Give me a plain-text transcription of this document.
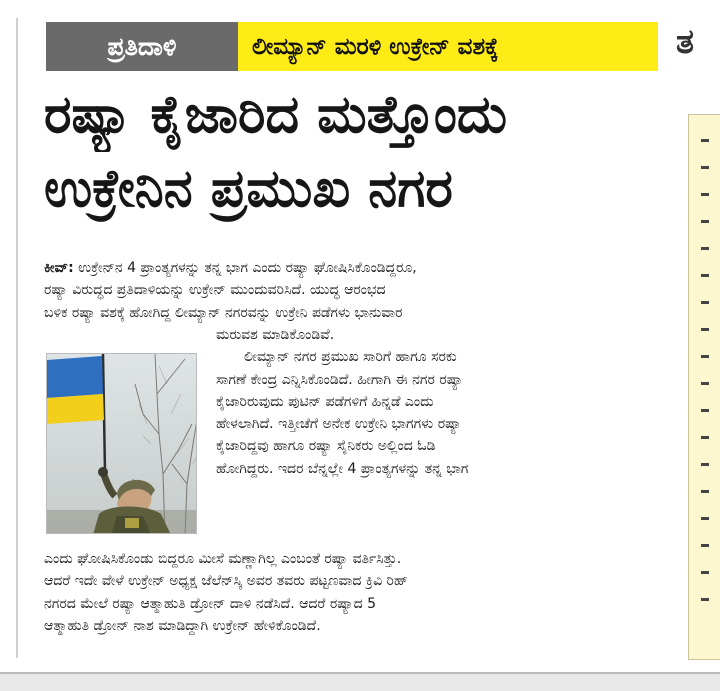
ಪ್ರತಿದಾಳಿ	ಲೀಮ್ಯಾನ್ ಮರಳಿ ಉಕ್ರೇನ್ ವಶಕ್ಕೆ
ರಷ್ಯಾ ಕೈಜಾರಿದ ಮತ್ತೊಂದು
ಉಕ್ರೇನಿನ ಪ್ರಮುಖ ನಗರ

ಕೀವ್: ಉಕ್ರೇನ್‌ನ 4 ಪ್ರಾಂತ್ಯಗಳನ್ನು ತನ್ನ ಭಾಗ ಎಂದು ರಷ್ಯಾ ಘೋಷಿಸಿಕೊಂಡಿದ್ದರೂ,

ರಷ್ಯಾ ವಿರುದ್ಧದ ಪ್ರತಿದಾಳಿಯನ್ನು ಉಕ್ರೇನ್ ಮುಂದುವರಿಸಿದೆ. ಯುದ್ಧ ಆರಂಭದ

ಬಳಿಕ ರಷ್ಯಾ ವಶಕ್ಕೆ ಹೋಗಿದ್ದ ಲೀಮ್ಯಾನ್ ನಗರವನ್ನು ಉಕ್ರೇನಿ ಪಡೆಗಳು ಭಾನುವಾರ

ಮರುವಶ ಮಾಡಿಕೊಂಡಿವೆ.

ಲೀಮ್ಯಾನ್ ನಗರ ಪ್ರಮುಖ ಸಾರಿಗೆ ಹಾಗೂ ಸರಕು

ಸಾಗಣೆ ಕೇಂದ್ರ ಎನ್ನಿಸಿಕೊಂಡಿದೆ. ಹೀಗಾಗಿ ಈ ನಗರ ರಷ್ಯಾ

ಕೈಜಾರಿರುವುದು ಪುಟಿನ್ ಪಡೆಗಳಿಗೆ ಹಿನ್ನಡೆ ಎಂದು

ಹೇಳಲಾಗಿದೆ. ಇತ್ತೀಚೆಗೆ ಅನೇಕ ಉಕ್ರೇನಿ ಭಾಗಗಳು ರಷ್ಯಾ

ಕೈಜಾರಿದ್ದವು ಹಾಗೂ ರಷ್ಯಾ ಸೈನಿಕರು ಅಲ್ಲಿಂದ ಓಡಿ

ಹೋಗಿದ್ದರು. ಇದರ ಬೆನ್ನಲ್ಲೇ 4 ಪ್ರಾಂತ್ಯಗಳನ್ನು ತನ್ನ ಭಾಗ

ಎಂದು ಘೋಷಿಸಿಕೊಂಡು ಬಿದ್ದರೂ ಮೀಸೆ ಮಣ್ಣಾಗಿಲ್ಲ ಎಂಬಂತೆ ರಷ್ಯಾ ವರ್ತಿಸಿತ್ತು.

ಆದರೆ ಇದೇ ವೇಳೆ ಉಕ್ರೇನ್ ಅಧ್ಯಕ್ಷ ಜೆಲೆನ್‌ಸ್ಕಿ ಅವರ ತವರು ಪಟ್ಟಣವಾದ ಕ್ರಿವಿ ರಿಹ್

ನಗರದ ಮೇಲೆ ರಷ್ಯಾ ಆತ್ಮಾಹುತಿ ಡ್ರೋನ್ ದಾಳಿ ನಡೆಸಿದೆ. ಆದರೆ ರಷ್ಯಾದ 5

ಆತ್ಮಾಹುತಿ ಡ್ರೋನ್ ನಾಶ ಮಾಡಿದ್ದಾಗಿ ಉಕ್ರೇನ್ ಹೇಳಿಕೊಂಡಿದೆ.

ತ
